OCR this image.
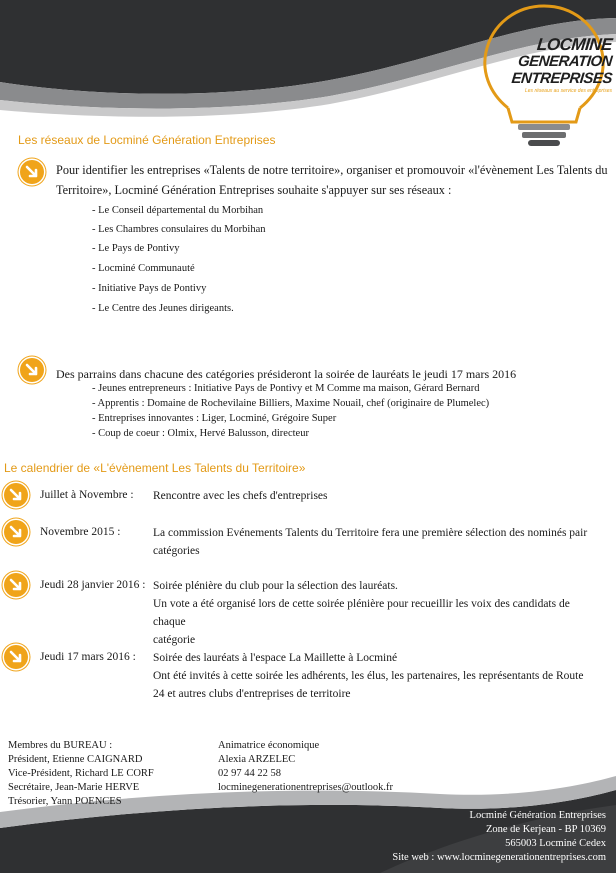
LOCMINE
GENERATION
ENTREPRISES
Les réseaux au service des entreprises
Les réseaux de Locminé Génération Entreprises
Pour identifier les entreprises «Talents de notre territoire», organiser et promouvoir «l'évènement Les Talents du
Territoire», Locminé Génération Entreprises souhaite s'appuyer sur ses réseaux :
- Le Conseil départemental du Morbihan
- Les Chambres consulaires du Morbihan
- Le Pays de Pontivy
- Locminé Communauté
- Initiative Pays de Pontivy
- Le Centre des Jeunes dirigeants.
Des parrains dans chacune des catégories présideront la soirée de lauréats le jeudi 17 mars 2016
- Jeunes entrepreneurs : Initiative Pays de Pontivy et M Comme ma maison, Gérard Bernard
- Apprentis : Domaine de Rochevilaine Billiers, Maxime Nouail, chef (originaire de Plumelec)
- Entreprises innovantes : Liger, Locminé, Grégoire Super
- Coup de coeur : Olmix, Hervé Balusson, directeur
Le calendrier de «L'évènement Les Talents du Territoire»
Juillet à Novembre : Rencontre avec les chefs d'entreprises
Novembre 2015 :	La commission Evénements Talents du Territoire fera une première sélection des nominés pair
catégories
Jeudi 28 janvier 2016 : Soirée plénière du club pour la sélection des lauréats.
Un vote a été organisé lors de cette soirée plénière pour recueillir les voix des candidats de chaque
catégorie
Jeudi 17 mars 2016 : Soirée des lauréats à l'espace La Maillette à Locminé
Ont été invités à cette soirée les adhérents, les élus, les partenaires, les représentants de Route
24 et autres clubs d'entreprises de territoire
Membres du BUREAU :
Président, Etienne CAIGNARD
Vice-Président, Richard LE CORF
Secrétaire, Jean-Marie HERVE
Trésorier, Yann POENCES
Animatrice économique
Alexia ARZELEC
02 97 44 22 58
locminegenerationentreprises@outlook.fr
Locminé Génération Entreprises
Zone de Kerjean - BP 10369
565003 Locminé Cedex
Site web : www.locminegenerationentreprises.com
